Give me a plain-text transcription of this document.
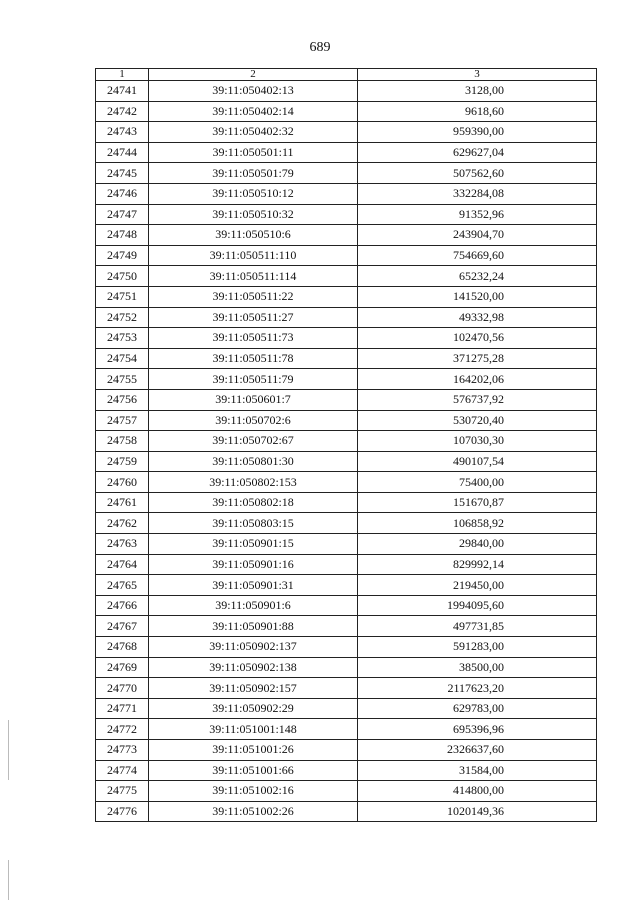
689
1	2	3
24741	39:11:050402:13	3128,00
24742	39:11:050402:14	9618,60
24743	39:11:050402:32	959390,00
24744	39:11:050501:11	629627,04
24745	39:11:050501:79	507562,60
24746	39:11:050510:12	332284,08
24747	39:11:050510:32	91352,96
24748	39:11:050510:6	243904,70
24749	39:11:050511:110	754669,60
24750	39:11:050511:114	65232,24
24751	39:11:050511:22	141520,00
24752	39:11:050511:27	49332,98
24753	39:11:050511:73	102470,56
24754	39:11:050511:78	371275,28
24755	39:11:050511:79	164202,06
24756	39:11:050601:7	576737,92
24757	39:11:050702:6	530720,40
24758	39:11:050702:67	107030,30
24759	39:11:050801:30	490107,54
24760	39:11:050802:153	75400,00
24761	39:11:050802:18	151670,87
24762	39:11:050803:15	106858,92
24763	39:11:050901:15	29840,00
24764	39:11:050901:16	829992,14
24765	39:11:050901:31	219450,00
24766	39:11:050901:6	1994095,60
24767	39:11:050901:88	497731,85
24768	39:11:050902:137	591283,00
24769	39:11:050902:138	38500,00
24770	39:11:050902:157	2117623,20
24771	39:11:050902:29	629783,00
24772	39:11:051001:148	695396,96
24773	39:11:051001:26	2326637,60
24774	39:11:051001:66	31584,00
24775	39:11:051002:16	414800,00
24776	39:11:051002:26	1020149,36
